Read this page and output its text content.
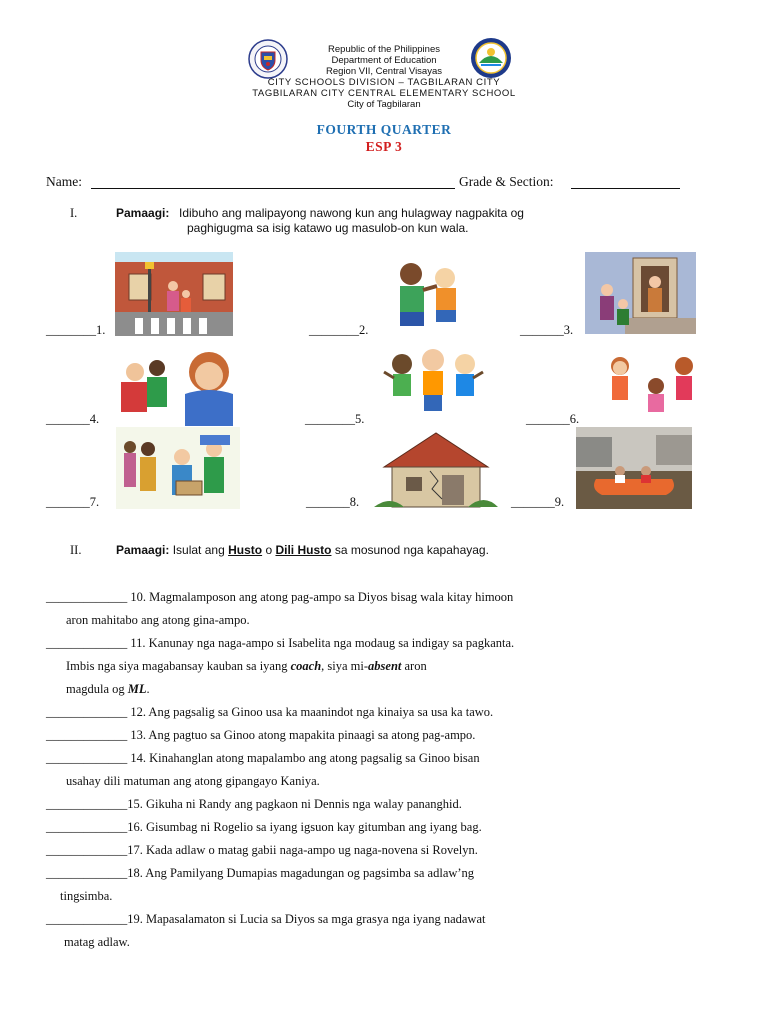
Republic of the Philippines
Department of Education
Region VII, Central Visayas
CITY SCHOOLS DIVISION – TAGBILARAN CITY
TAGBILARAN CITY CENTRAL ELEMENTARY SCHOOL
City of Tagbilaran
FOURTH QUARTER
ESP 3
Name:	Grade & Section:
I.	Pamaagi: Idibuho ang malipayong nawong kun ang hulagway nagpakita og
paghigugma sa isig katawo ug masulob-on kun wala.
________1.	________2.	_______3.
_______4.	________5.	_______6.
_______7.	_______8.	_______9.
II.	Pamaagi: Isulat ang Husto o Dili Husto sa mosunod nga kapahayag.
_____________ 10. Magmalamposon ang atong pag-ampo sa Diyos bisag wala kitay himoon
aron mahitabo ang atong gina-ampo.
_____________ 11. Kanunay nga naga-ampo si Isabelita nga modaug sa indigay sa pagkanta.
Imbis nga siya magabansay kauban sa iyang coach, siya mi-absent aron
magdula og ML.
_____________ 12. Ang pagsalig sa Ginoo usa ka maanindot nga kinaiya sa usa ka tawo.
_____________ 13. Ang pagtuo sa Ginoo atong mapakita pinaagi sa atong pag-ampo.
_____________ 14. Kinahanglan atong mapalambo ang atong pagsalig sa Ginoo bisan
usahay dili matuman ang atong gipangayo Kaniya.
_____________15. Gikuha ni Randy ang pagkaon ni Dennis nga walay pananghid.
_____________16. Gisumbag ni Rogelio sa iyang igsuon kay gitumban ang iyang bag.
_____________17. Kada adlaw o matag gabii naga-ampo ug naga-novena si Rovelyn.
_____________18. Ang Pamilyang Dumapias magadungan og pagsimba sa adlaw’ng
tingsimba.
_____________19. Mapasalamaton si Lucia sa Diyos sa mga grasya nga iyang nadawat
matag adlaw.
